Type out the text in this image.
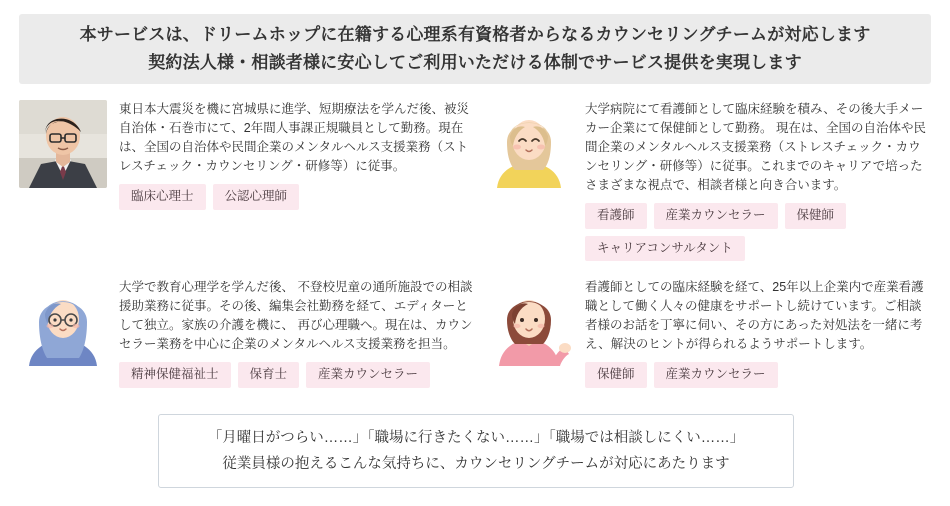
本サービスは、ドリームホップに在籍する心理系有資格者からなるカウンセリングチームが対応します
契約法人様・相談者様に安心してご利用いただける体制でサービス提供を実現します
東日本大震災を機に宮城県に進学、短期療法を学んだ後、被災自治体・石巻市にて、2年間人事課正規職員として勤務。現在は、全国の自治体や民間企業のメンタルヘルス支援業務（ストレスチェック・カウンセリング・研修等）に従事。
臨床心理士	公認心理師
大学病院にて看護師として臨床経験を積み、その後大手メーカー企業にて保健師として勤務。 現在は、全国の自治体や民間企業のメンタルヘルス支援業務（ストレスチェック・カウンセリング・研修等）に従事。これまでのキャリアで培ったさまざまな視点で、相談者様と向き合います。
看護師	産業カウンセラー	保健師
キャリアコンサルタント
大学で教育心理学を学んだ後、 不登校児童の通所施設での相談援助業務に従事。その後、編集会社勤務を経て、エディターとして独立。家族の介護を機に、 再び心理職へ。現在は、カウンセラー業務を中心に企業のメンタルヘルス支援業務を担当。
精神保健福祉士	保育士	産業カウンセラー
看護師としての臨床経験を経て、25年以上企業内で産業看護職として働く人々の健康をサポートし続けています。ご相談者様のお話を丁寧に伺い、その方にあった対処法を一緒に考え、解決のヒントが得られるようサポートします。
保健師	産業カウンセラー
「月曜日がつらい……」「職場に行きたくない……」「職場では相談しにくい……」
従業員様の抱えるこんな気持ちに、カウンセリングチームが対応にあたります
